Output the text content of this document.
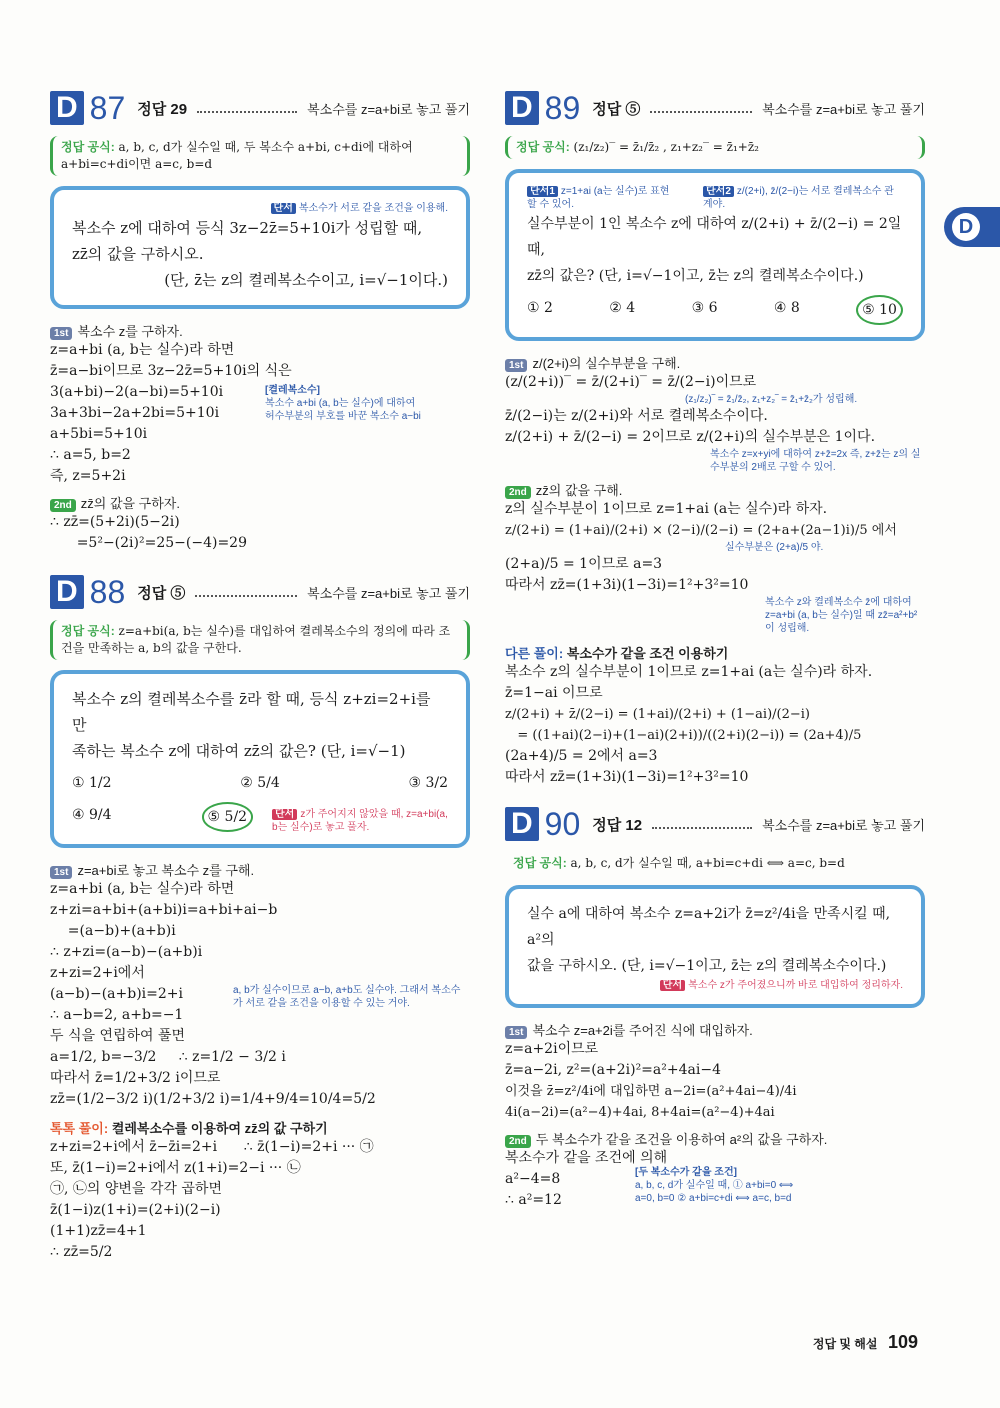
D 87 정답 29	복소수를 z=a+bi로 놓고 풀기
정답 공식: a, b, c, d가 실수일 때, 두 복소수 a+bi, c+di에 대하여 a+bi=c+di이면 a=c, b=d
단서 복소수가 서로 같을 조건을 이용해.
복소수 z에 대하여 등식 3z−2z̄=5+10i가 성립할 때,
zz̄의 값을 구하시오.
(단, z̄는 z의 켤레복소수이고, i=√−1이다.)
1st 복소수 z를 구하자.
z=a+bi (a, b는 실수)라 하면
z̄=a−bi이므로 3z−2z̄=5+10i의 식은
3(a+bi)−2(a−bi)=5+10i
3a+3bi−2a+2bi=5+10i
a+5bi=5+10i
∴ a=5, b=2
즉, z=5+2i
[켤레복소수]
복소수 a+bi (a, b는 실수)에 대하여 허수부분의 부호를 바꾼 복소수 a−bi
2nd zz̄의 값을 구하자.
∴ zz̄=(5+2i)(5−2i)
=5²−(2i)²=25−(−4)=29
D 88 정답 ⑤	복소수를 z=a+bi로 놓고 풀기
정답 공식: z=a+bi(a, b는 실수)를 대입하여 켤레복소수의 정의에 따라 조건을 만족하는 a, b의 값을 구한다.
복소수 z의 켤레복소수를 z̄라 할 때, 등식 z+zi=2+i를 만
족하는 복소수 z에 대하여 zz̄의 값은? (단, i=√−1)
① 1/2	② 5/4	③ 3/2
④ 9/4	⑤ 5/2	단서 z가 주어지지 않았을 때, z=a+bi(a, b는 실수)로 놓고 풀자.
1st z=a+bi로 놓고 복소수 z를 구해.
z=a+bi (a, b는 실수)라 하면
z+zi=a+bi+(a+bi)i=a+bi+ai−b
=(a−b)+(a+b)i
∴ z+zi=(a−b)−(a+b)i
z+zi=2+i에서
(a−b)−(a+b)i=2+i
∴ a−b=2, a+b=−1
a, b가 실수이므로 a−b, a+b도 실수야. 그래서 복소수가 서로 같을 조건을 이용할 수 있는 거야.
두 식을 연립하여 풀면
a=1/2, b=−3/2     ∴ z=1/2 − 3/2 i
따라서 z̄=1/2+3/2 i이므로
zz̄=(1/2−3/2 i)(1/2+3/2 i)=1/4+9/4=10/4=5/2
톡톡 풀이: 켤레복소수를 이용하여 zz̄의 값 구하기
z+zi=2+i에서 z̄−z̄i=2+i      ∴ z̄(1−i)=2+i ··· ㉠
또, z̄(1−i)=2+i에서 z(1+i)=2−i ··· ㉡
㉠, ㉡의 양변을 각각 곱하면
z̄(1−i)z(1+i)=(2+i)(2−i)
(1+1)zz̄=4+1
∴ zz̄=5/2
D 89 정답 ⑤	복소수를 z=a+bi로 놓고 풀기
정답 공식: (z₁/z₂)‾ = z̄₁/z̄₂ , z₁+z₂‾ = z̄₁+z̄₂
단서1 z=1+ai (a는 실수)로 표현할 수 있어.
단서2 z/(2+i), z̄/(2−i)는 서로 켤레복소수 관계야.
실수부분이 1인 복소수 z에 대하여 z/(2+i) + z̄/(2−i) = 2일 때,
zz̄의 값은? (단, i=√−1이고, z̄는 z의 켤레복소수이다.)
① 2	② 4	③ 6	④ 8	⑤ 10
1st z/(2+i)의 실수부분을 구해.
(z/(2+i))‾ = z̄/(2+i)‾ = z̄/(2−i)이므로
(z₁/z₂)‾ = z̄₁/z̄₂, z₁+z₂‾ = z̄₁+z̄₂가 성립해.
z̄/(2−i)는 z/(2+i)와 서로 켤레복소수이다.
z/(2+i) + z̄/(2−i) = 2이므로 z/(2+i)의 실수부분은 1이다.
복소수 z=x+yi에 대하여 z+z̄=2x 즉, z+z̄는 z의 실수부분의 2배로 구할 수 있어.
2nd zz̄의 값을 구해.
z의 실수부분이 1이므로 z=1+ai (a는 실수)라 하자.
z/(2+i) = (1+ai)/(2+i) × (2−i)/(2−i) = (2+a+(2a−1)i)/5 에서
실수부분은 (2+a)/5 야.
(2+a)/5 = 1이므로 a=3
따라서 zz̄=(1+3i)(1−3i)=1²+3²=10
복소수 z와 켤레복소수 z̄에 대하여 z=a+bi (a, b는 실수)일 때 zz̄=a²+b²이 성립해.
다른 풀이: 복소수가 같을 조건 이용하기
복소수 z의 실수부분이 1이므로 z=1+ai (a는 실수)라 하자.
z̄=1−ai 이므로
z/(2+i) + z̄/(2−i) = (1+ai)/(2+i) + (1−ai)/(2−i)
= ((1+ai)(2−i)+(1−ai)(2+i))/((2+i)(2−i)) = (2a+4)/5
(2a+4)/5 = 2에서 a=3
따라서 zz̄=(1+3i)(1−3i)=1²+3²=10
D 90 정답 12	복소수를 z=a+bi로 놓고 풀기
정답 공식: a, b, c, d가 실수일 때, a+bi=c+di ⟺ a=c, b=d
실수 a에 대하여 복소수 z=a+2i가 z̄=z²/4i을 만족시킬 때, a²의
값을 구하시오. (단, i=√−1이고, z̄는 z의 켤레복소수이다.)
단서 복소수 z가 주어졌으니까 바로 대입하여 정리하자.
1st 복소수 z=a+2i를 주어진 식에 대입하자.
z=a+2i이므로
z̄=a−2i, z²=(a+2i)²=a²+4ai−4
이것을 z̄=z²/4i에 대입하면 a−2i=(a²+4ai−4)/4i
4i(a−2i)=(a²−4)+4ai, 8+4ai=(a²−4)+4ai
2nd 두 복소수가 같을 조건을 이용하여 a²의 값을 구하자.
복소수가 같을 조건에 의해
a²−4=8
∴ a²=12
[두 복소수가 같을 조건]
a, b, c, d가 실수일 때, ① a+bi=0 ⟺ a=0, b=0 ② a+bi=c+di ⟺ a=c, b=d
D
정답 및 해설 109
